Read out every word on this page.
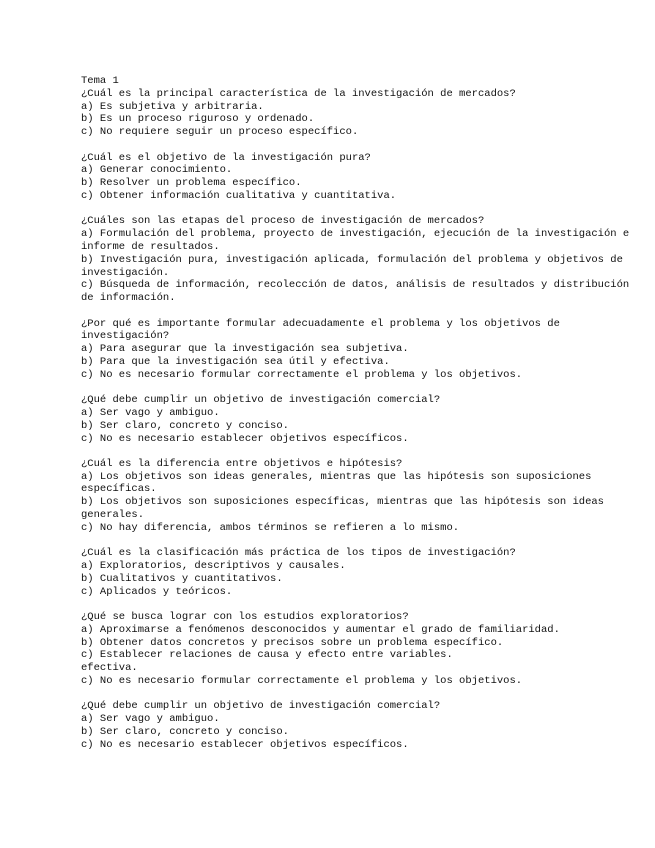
Tema 1
¿Cuál es la principal característica de la investigación de mercados?
a) Es subjetiva y arbitraria.
b) Es un proceso riguroso y ordenado.
c) No requiere seguir un proceso específico.
¿Cuál es el objetivo de la investigación pura?
a) Generar conocimiento.
b) Resolver un problema específico.
c) Obtener información cualitativa y cuantitativa.
¿Cuáles son las etapas del proceso de investigación de mercados?
a) Formulación del problema, proyecto de investigación, ejecución de la investigación e informe de resultados.
b) Investigación pura, investigación aplicada, formulación del problema y objetivos de investigación.
c) Búsqueda de información, recolección de datos, análisis de resultados y distribución de información.
¿Por qué es importante formular adecuadamente el problema y los objetivos de investigación?
a) Para asegurar que la investigación sea subjetiva.
b) Para que la investigación sea útil y efectiva.
c) No es necesario formular correctamente el problema y los objetivos.
¿Qué debe cumplir un objetivo de investigación comercial?
a) Ser vago y ambiguo.
b) Ser claro, concreto y conciso.
c) No es necesario establecer objetivos específicos.
¿Cuál es la diferencia entre objetivos e hipótesis?
a) Los objetivos son ideas generales, mientras que las hipótesis son suposiciones específicas.
b) Los objetivos son suposiciones específicas, mientras que las hipótesis son ideas generales.
c) No hay diferencia, ambos términos se refieren a lo mismo.
¿Cuál es la clasificación más práctica de los tipos de investigación?
a) Exploratorios, descriptivos y causales.
b) Cualitativos y cuantitativos.
c) Aplicados y teóricos.
¿Qué se busca lograr con los estudios exploratorios?
a) Aproximarse a fenómenos desconocidos y aumentar el grado de familiaridad.
b) Obtener datos concretos y precisos sobre un problema específico.
c) Establecer relaciones de causa y efecto entre variables.
efectiva.
c) No es necesario formular correctamente el problema y los objetivos.
¿Qué debe cumplir un objetivo de investigación comercial?
a) Ser vago y ambiguo.
b) Ser claro, concreto y conciso.
c) No es necesario establecer objetivos específicos.
